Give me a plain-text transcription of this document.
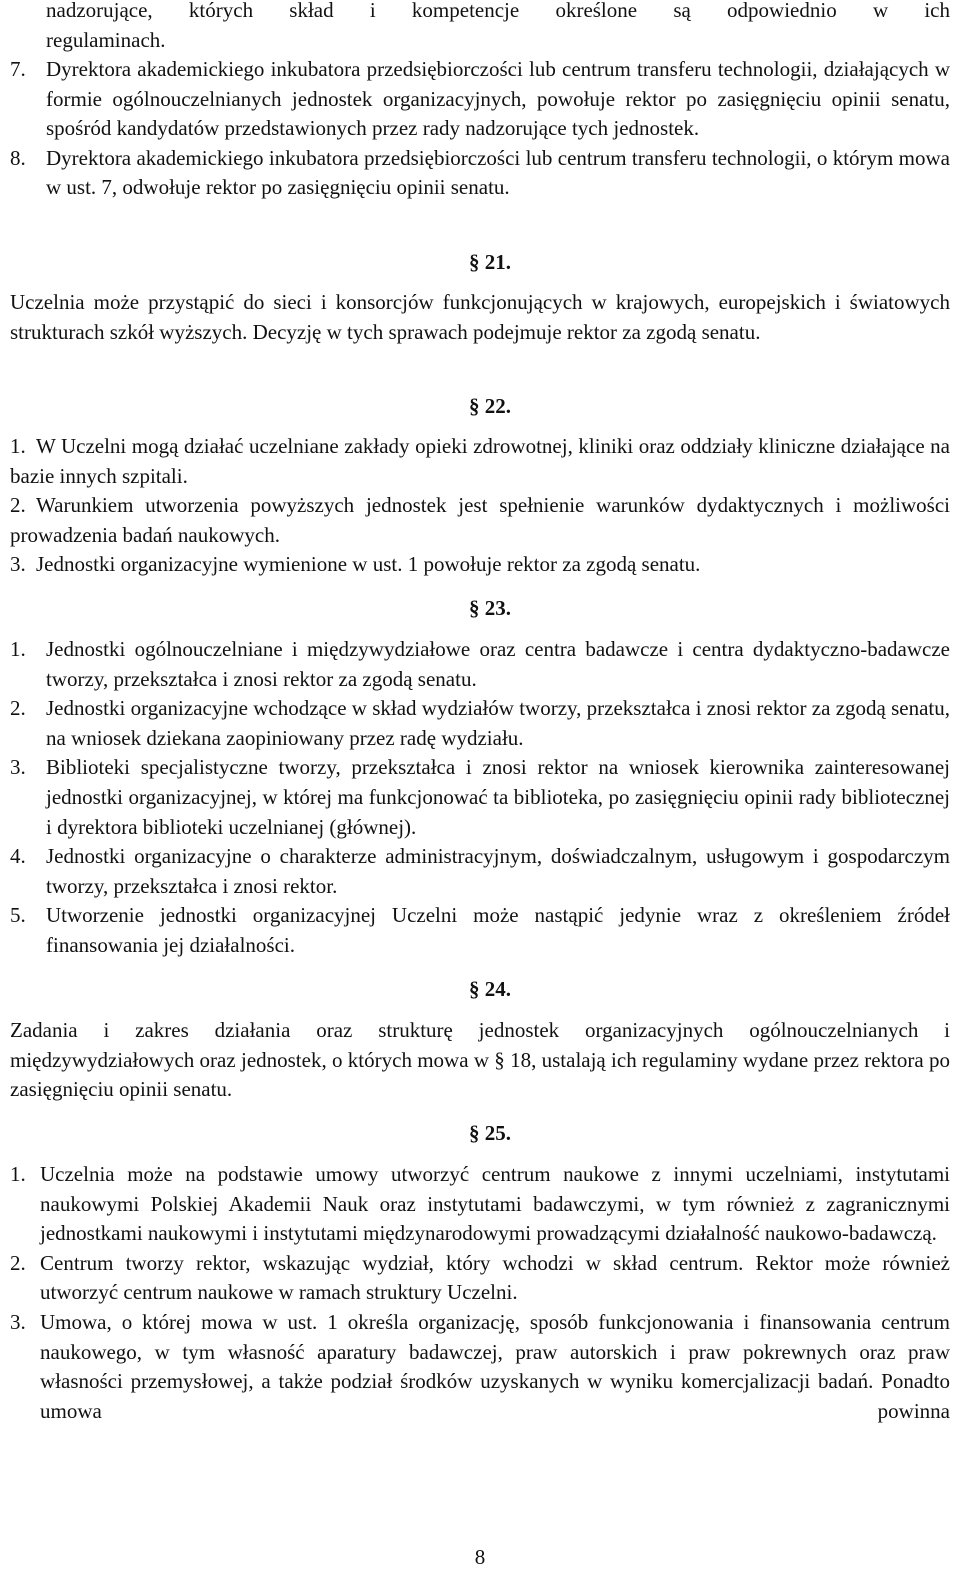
nadzorujące, których skład i kompetencje określone są odpowiednio w ich
regulaminach.
7. Dyrektora akademickiego inkubatora przedsiębiorczości lub centrum transferu technologii, działających w formie ogólnouczelnianych jednostek organizacyjnych, powołuje rektor po zasięgnięciu opinii senatu, spośród kandydatów przedstawionych przez rady nadzorujące tych jednostek.
8. Dyrektora akademickiego inkubatora przedsiębiorczości lub centrum transferu technologii, o którym mowa w ust. 7, odwołuje rektor po zasięgnięciu opinii senatu.
§ 21.
Uczelnia może przystąpić do sieci i konsorcjów funkcjonujących w krajowych, europejskich i światowych strukturach szkół wyższych. Decyzję w tych sprawach podejmuje rektor za zgodą senatu.
§ 22.
1. W Uczelni mogą działać uczelniane zakłady opieki zdrowotnej, kliniki oraz oddziały kliniczne działające na bazie innych szpitali.
2. Warunkiem utworzenia powyższych jednostek jest spełnienie warunków dydaktycznych i możliwości prowadzenia badań naukowych.
3. Jednostki organizacyjne wymienione w ust. 1 powołuje rektor za zgodą senatu.
§ 23.
1. Jednostki ogólnouczelniane i międzywydziałowe oraz centra badawcze i centra dydaktyczno-badawcze tworzy, przekształca i znosi rektor za zgodą senatu.
2. Jednostki organizacyjne wchodzące w skład wydziałów tworzy, przekształca i znosi rektor za zgodą senatu, na wniosek dziekana zaopiniowany przez radę wydziału.
3. Biblioteki specjalistyczne tworzy, przekształca i znosi rektor na wniosek kierownika zainteresowanej jednostki organizacyjnej, w której ma funkcjonować ta biblioteka, po zasięgnięciu opinii rady bibliotecznej i dyrektora biblioteki uczelnianej (głównej).
4. Jednostki organizacyjne o charakterze administracyjnym, doświadczalnym, usługowym i gospodarczym tworzy, przekształca i znosi rektor.
5. Utworzenie jednostki organizacyjnej Uczelni może nastąpić jedynie wraz z określeniem źródeł finansowania jej działalności.
§ 24.
Zadania i zakres działania oraz strukturę jednostek organizacyjnych ogólnouczelnianych i międzywydziałowych oraz jednostek, o których mowa w § 18, ustalają ich regulaminy wydane przez rektora po zasięgnięciu opinii senatu.
§ 25.
1. Uczelnia może na podstawie umowy utworzyć centrum naukowe z innymi uczelniami, instytutami naukowymi Polskiej Akademii Nauk oraz instytutami badawczymi, w tym również z zagranicznymi jednostkami naukowymi i instytutami międzynarodowymi prowadzącymi działalność naukowo-badawczą.
2. Centrum tworzy rektor, wskazując wydział, który wchodzi w skład centrum. Rektor może również utworzyć centrum naukowe w ramach struktury Uczelni.
3. Umowa, o której mowa w ust. 1 określa organizację, sposób funkcjonowania i finansowania centrum naukowego, w tym własność aparatury badawczej, praw autorskich i praw pokrewnych oraz praw własności przemysłowej, a także podział środków uzyskanych w wyniku komercjalizacji badań. Ponadto umowa powinna
8
